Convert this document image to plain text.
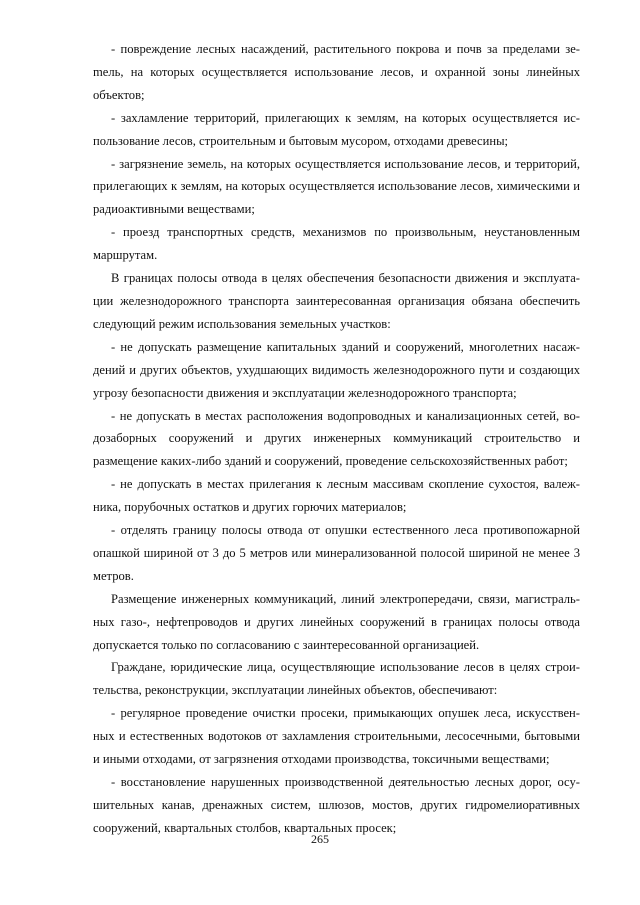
- повреждение лесных насаждений, растительного покрова и почв за пределами зеmель, на которых осуществляется использование лесов, и охранной зоны линейных объектов;

- захламление территорий, прилегающих к землям, на которых осуществляется использование лесов, строительным и бытовым мусором, отходами древесины;

- загрязнение земель, на которых осуществляется использование лесов, и территорий, прилегающих к землям, на которых осуществляется использование лесов, химическими и радиоактивными веществами;

- проезд транспортных средств, механизмов по произвольным, неустановленным маршрутам.

В границах полосы отвода в целях обеспечения безопасности движения и эксплуатации железнодорожного транспорта заинтересованная организация обязана обеспечить следующий режим использования земельных участков:

- не допускать размещение капитальных зданий и сооружений, многолетних насаждений и других объектов, ухудшающих видимость железнодорожного пути и создающих угрозу безопасности движения и эксплуатации железнодорожного транспорта;

- не допускать в местах расположения водопроводных и канализационных сетей, водозаборных сооружений и других инженерных коммуникаций строительство и размещение каких-либо зданий и сооружений, проведение сельскохозяйственных работ;

- не допускать в местах прилегания к лесным массивам скопление сухостоя, валежника, порубочных остатков и других горючих материалов;

- отделять границу полосы отвода от опушки естественного леса противопожарной опашкой шириной от 3 до 5 метров или минерализованной полосой шириной не менее 3 метров.

Размещение инженерных коммуникаций, линий электропередачи, связи, магистральных газо-, нефтепроводов и других линейных сооружений в границах полосы отвода допускается только по согласованию с заинтересованной организацией.

Граждане, юридические лица, осуществляющие использование лесов в целях строительства, реконструкции, эксплуатации линейных объектов, обеспечивают:

- регулярное проведение очистки просеки, примыкающих опушек леса, искусственных и естественных водотоков от захламления строительными, лесосечными, бытовыми и иными отходами, от загрязнения отходами производства, токсичными веществами;

- восстановление нарушенных производственной деятельностью лесных дорог, осушительных канав, дренажных систем, шлюзов, мостов, других гидромелиоративных сооружений, квартальных столбов, квартальных просек;

265
